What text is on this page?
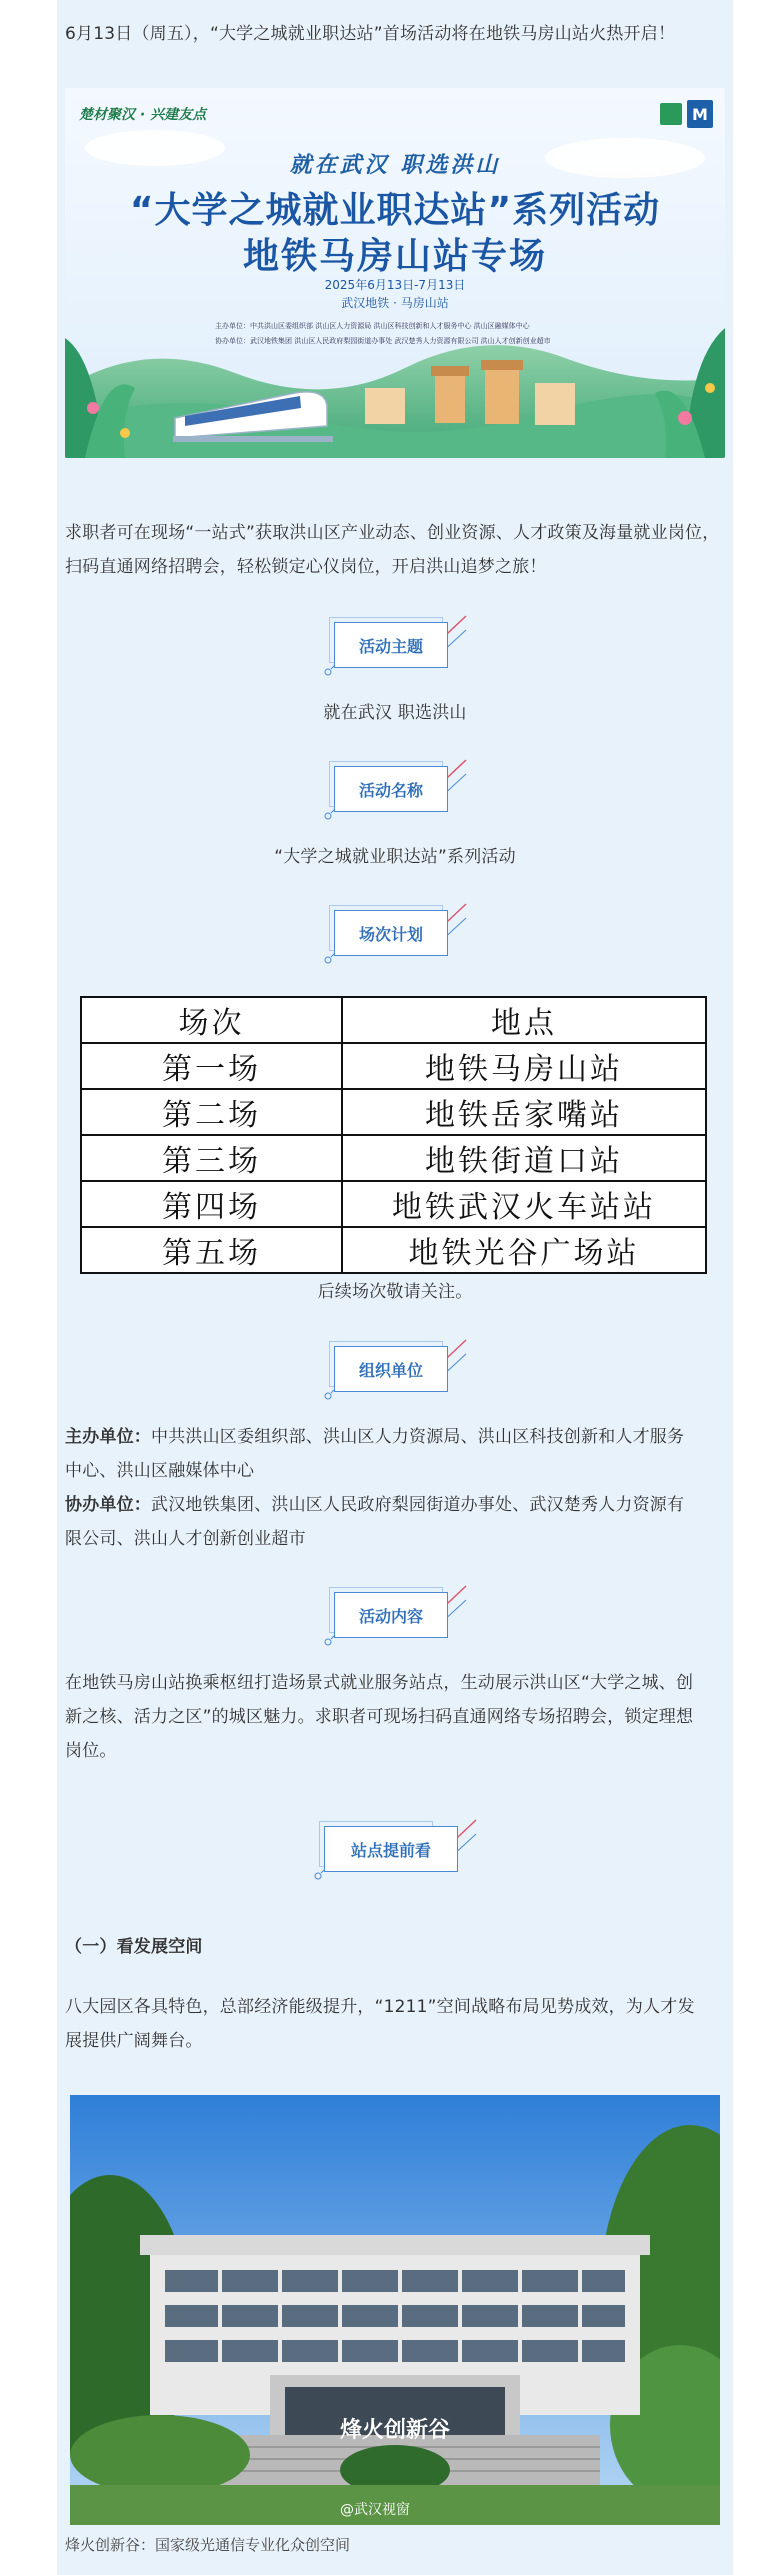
6月13日（周五），“大学之城就业职达站”首场活动将在地铁马房山站火热开启！
M
楚材聚汉 · 兴建友点
就在武汉 职选洪山
“大学之城就业职达站”系列活动
地铁马房山站专场
2025年6月13日-7月13日
武汉地铁 · 马房山站
主办单位：中共洪山区委组织部 洪山区人力资源局 洪山区科技创新和人才服务中心 洪山区融媒体中心
协办单位：武汉地铁集团 洪山区人民政府梨园街道办事处 武汉楚秀人力资源有限公司 洪山人才创新创业超市
求职者可在现场“一站式”获取洪山区产业动态、创业资源、人才政策及海量就业岗位，扫码直通网络招聘会，轻松锁定心仪岗位，开启洪山追梦之旅！
活动主题
就在武汉 职选洪山
活动名称
“大学之城就业职达站”系列活动
场次计划
场次	地点
第一场	地铁马房山站
第二场	地铁岳家嘴站
第三场	地铁街道口站
第四场	地铁武汉火车站站
第五场	地铁光谷广场站
后续场次敬请关注。
组织单位
主办单位：中共洪山区委组织部、洪山区人力资源局、洪山区科技创新和人才服务
中心、洪山区融媒体中心
协办单位：武汉地铁集团、洪山区人民政府梨园街道办事处、武汉楚秀人力资源有
限公司、洪山人才创新创业超市
活动内容
在地铁马房山站换乘枢纽打造场景式就业服务站点，生动展示洪山区“大学之城、创
新之核、活力之区”的城区魅力。求职者可现场扫码直通网络专场招聘会，锁定理想
岗位。
站点提前看
（一）看发展空间
八大园区各具特色，总部经济能级提升，“1211”空间战略布局见势成效，为人才发
展提供广阔舞台。
烽火创新谷
@武汉视窗
烽火创新谷：国家级光通信专业化众创空间
